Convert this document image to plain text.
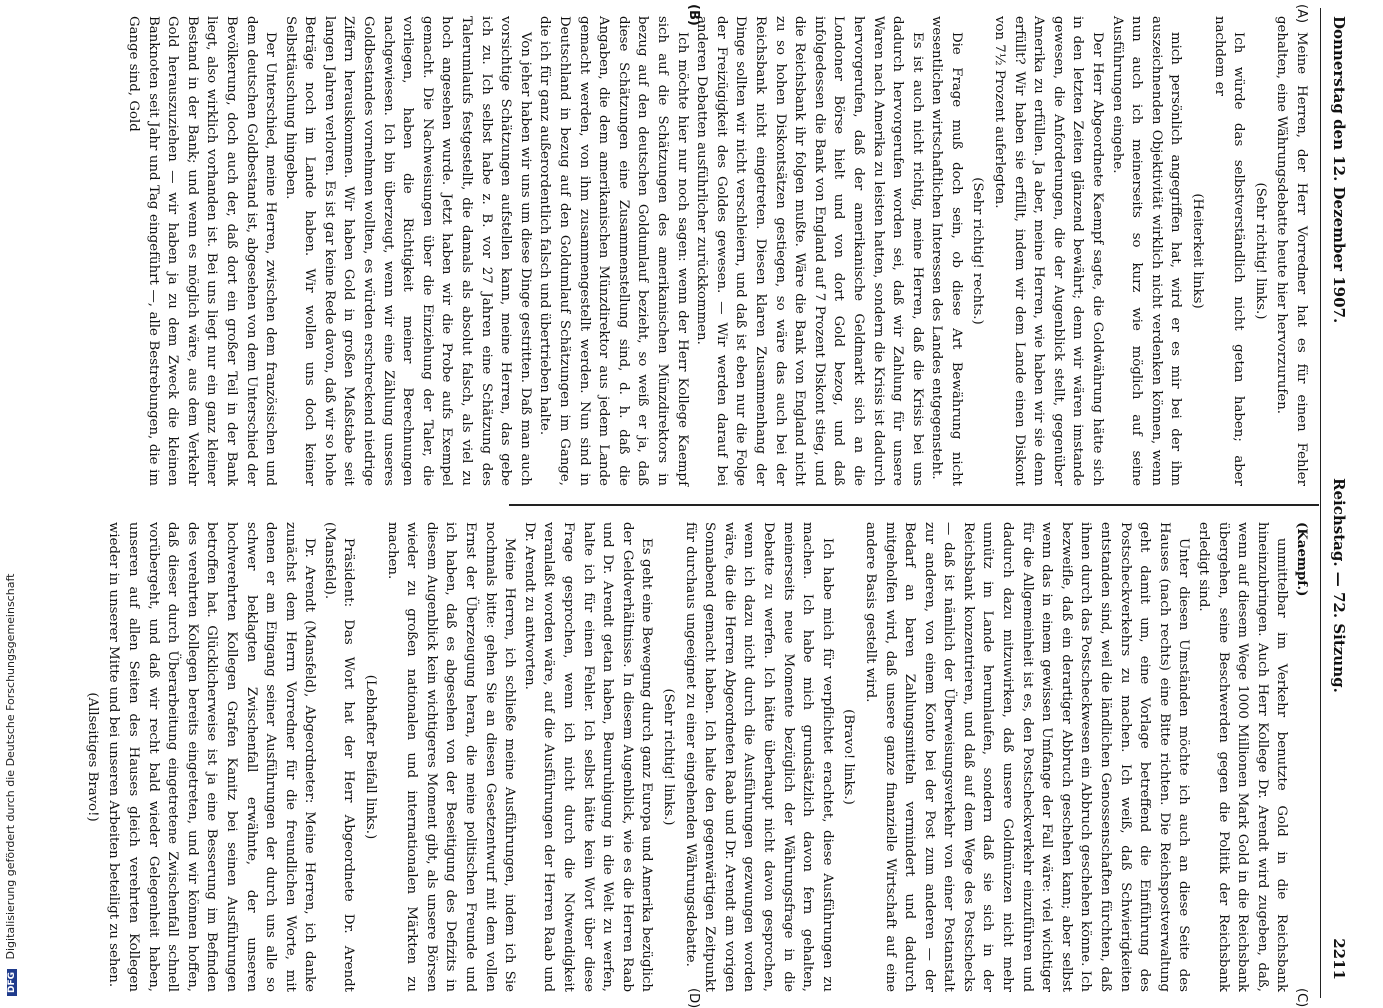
Donnerstag den 12. Dezember 1907.
Reichstag. — 72. Sitzung.
2211

Meine Herren, der Herr Vorredner hat es für einen Fehler gehalten, eine Währungsdebatte heute hier hervorzurufen.

(Sehr richtig! links.)

Ich würde das selbstverständlich nicht getan haben; aber nachdem er

(Heiterkeit links)

mich persönlich angegriffen hat, wird er es mir bei der ihm auszeichnenden Objektivität wirklich nicht verdenken können, wenn nun auch ich meinerseits so kurz wie möglich auf seine Ausführungen eingehe.

Der Herr Abgeordnete Kaempf sagte, die Goldwährung hätte sich in den letzten Zeiten glänzend bewährt; denn wir wären imstande gewesen, die Anforderungen, die der Augenblick stellt, gegenüber Amerika zu erfüllen. Ja aber, meine Herren, wie haben wir sie denn erfüllt? Wir haben sie erfüllt, indem wir dem Lande einen Diskont von 7½ Prozent auferlegten.

(Sehr richtig! rechts.)

Die Frage muß doch sein, ob diese Art Bewährung nicht wesentlichen wirtschaftlichen Interessen des Landes entgegensteht.

Es ist auch nicht richtig, meine Herren, daß die Krisis bei uns dadurch hervorgerufen worden sei, daß wir Zahlung für unsere Waren nach Amerika zu leisten hatten, sondern die Krisis ist dadurch hervorgerufen, daß der amerikanische Geldmarkt sich an die Londoner Börse hielt und von dort Gold bezog, und daß infolgedessen die Bank von England auf 7 Prozent Diskont stieg, und die Reichsbank ihr folgen mußte. Wäre die Bank von England nicht zu so hohen Diskontsätzen gestiegen, so wäre das auch bei der Reichsbank nicht eingetreten. Diesen klaren Zusammenhang der Dinge sollten wir nicht verschleiern, und daß ist eben nur die Folge der Freizügigkeit des Goldes gewesen. — Wir werden darauf bei anderen Debatten ausführlicher zurückkommen.

Ich möchte hier nur noch sagen: wenn der Herr Kollege Kaempf sich auf die Schätzungen des amerikanischen Münzdirektors in bezug auf den deutschen Goldumlauf bezieht, so weiß er ja, daß diese Schätzungen eine Zusammenstellung sind, d. h. daß die Angaben, die dem amerikanischen Münzdirektor aus jedem Lande gemacht werden, von ihm zusammengestellt werden. Nun sind in Deutschland in bezug auf den Goldumlauf Schätzungen im Gange, die ich für ganz außerordentlich falsch und übertrieben halte.

Von jeher haben wir uns um diese Dinge gestritten. Daß man auch vorsichtige Schätzungen aufstellen kann, meine Herren, das gebe ich zu. Ich selbst habe z. B. vor 27 Jahren eine Schätzung des Talerumlaufs festgestellt, die damals als absolut falsch, als viel zu hoch angesehen wurde. Jetzt haben wir die Probe aufs Exempel gemacht. Die Nachweisungen über die Einziehung der Taler, die vorliegen, haben die Richtigkeit meiner Berechnungen nachgewiesen. Ich bin überzeugt, wenn wir eine Zählung unseres Goldbestandes vornehmen wollten, es würden erschreckend niedrige Ziffern herauskommen. Wir haben Gold in großen Maßstabe seit langen Jahren verloren. Es ist gar keine Rede davon, daß wir so hohe Beträge noch im Lande haben. Wir wollen uns doch keiner Selbsttäuschung hingeben.

Der Unterschied, meine Herren, zwischen dem französischen und dem deutschen Goldbestand ist, abgesehen von dem Unterschied der Bevölkerung, doch auch der, daß dort ein großer Teil in der Bank liegt, also wirklich vorhanden ist. Bei uns liegt nur ein ganz kleiner Bestand in der Bank; und wenn es möglich wäre, aus dem Verkehr Gold herauszuziehen — wir haben ja zu dem Zweck die kleinen Banknoten seit Jahr und Tag eingeführt —, alle Bestrebungen, die im Gange sind, Gold

(Kaempf.)

unmittelbar im Verkehr benutzte Gold in die Reichsbank hineinzubringen. Auch Herr Kollege Dr. Arendt wird zugeben, daß, wenn auf diesem Wege 1000 Millionen Mark Gold in die Reichsbank übergehen, seine Beschwerden gegen die Politik der Reichsbank erledigt sind.

Unter diesen Umständen möchte ich auch an diese Seite des Hauses (nach rechts) eine Bitte richten. Die Reichspostverwaltung geht damit um, eine Vorlage betreffend die Einführung des Postscheckverkehrs zu machen. Ich weiß, daß Schwierigkeiten entstanden sind, weil die ländlichen Genossenschaften fürchten, daß ihnen durch das Postscheckwesen ein Abbruch geschehen könne. Ich bezweifle, daß ein derartiger Abbruch geschehen kann; aber selbst wenn das in einem gewissen Umfange der Fall wäre: viel wichtiger für die Allgemeinheit ist es, den Postscheckverkehr einzuführen und dadurch dazu mitzuwirken, daß unsere Goldmünzen nicht mehr unnütz im Lande herumlaufen, sondern daß sie sich in der Reichsbank konzentrieren, und daß auf dem Wege des Postschecks — daß ist nämlich der Überweisungsverkehr von einer Postanstalt zur anderen, von einem Konto bei der Post zum anderen — der Bedarf an baren Zahlungsmitteln vermindert und dadurch mitgeholfen wird, daß unsere ganze finanzielle Wirtschaft auf eine andere Basis gestellt wird.

(Bravo! links.)

Ich habe mich für verpflichtet erachtet, diese Ausführungen zu machen. Ich habe mich grundsätzlich davon fern gehalten, meinerseits neue Momente bezüglich der Währungsfrage in die Debatte zu werfen. Ich hätte überhaupt nicht davon gesprochen, wenn ich dazu nicht durch die Ausführungen gezwungen worden wäre, die die Herren Abgeordneten Raab und Dr. Arendt am vorigen Sonnabend gemacht haben. Ich halte den gegenwärtigen Zeitpunkt für durchaus ungeeignet zu einer eingehenden Währungsdebatte.

(Sehr richtig! links.)

Es geht eine Bewegung durch ganz Europa und Amerika bezüglich der Geldverhältnisse. In diesem Augenblick, wie es die Herren Raab und Dr. Arendt getan haben, Beunruhigung in die Welt zu werfen, halte ich für einen Fehler. Ich selbst hätte kein Wort über diese Frage gesprochen, wenn ich nicht durch die Notwendigkeit veranlaßt worden wäre, auf die Ausführungen der Herren Raab und Dr. Arendt zu antworten.

Meine Herren, ich schließe meine Ausführungen, indem ich Sie nochmals bitte: gehen Sie an diesen Gesetzentwurf mit dem vollen Ernst der Überzeugung heran, die meine politischen Freunde und ich haben, daß es abgesehen von der Beseitigung des Defizits in diesem Augenblick kein wichtigeres Moment gibt, als unsere Börsen wieder zu großen nationalen und internationalen Märkten zu machen.

(Lebhafter Beifall links.)

Präsident: Das Wort hat der Herr Abgeordnete Dr. Arendt (Mansfeld).

Dr. Arendt (Mansfeld), Abgeordneter: Meine Herren, ich danke zunächst dem Herrn Vorredner für die freundlichen Worte, mit denen er am Eingang seiner Ausführungen der durch uns alle so schwer beklagten Zwischenfall erwähnte, der unseren hochverehrten Kollegen Grafen Kanitz bei seinen Ausführungen betroffen hat. Glücklicherweise ist ja eine Besserung im Befinden des verehrten Kollegen bereits eingetreten, und wir können hoffen, daß dieser durch Überarbeitung eingetretene Zwischenfall schnell vorübergeht, und daß wir recht bald wieder Gelegenheit haben, unseren auf allen Seiten des Hauses gleich verehrten Kollegen wieder in unserer Mitte und bei unseren Arbeiten beteiligt zu sehen.

(Allseitiges Bravo!)

(C)
(A)
(B)
(D)
DFG Digitalisierung gefördert durch die Deutsche Forschungsgemeinschaft
